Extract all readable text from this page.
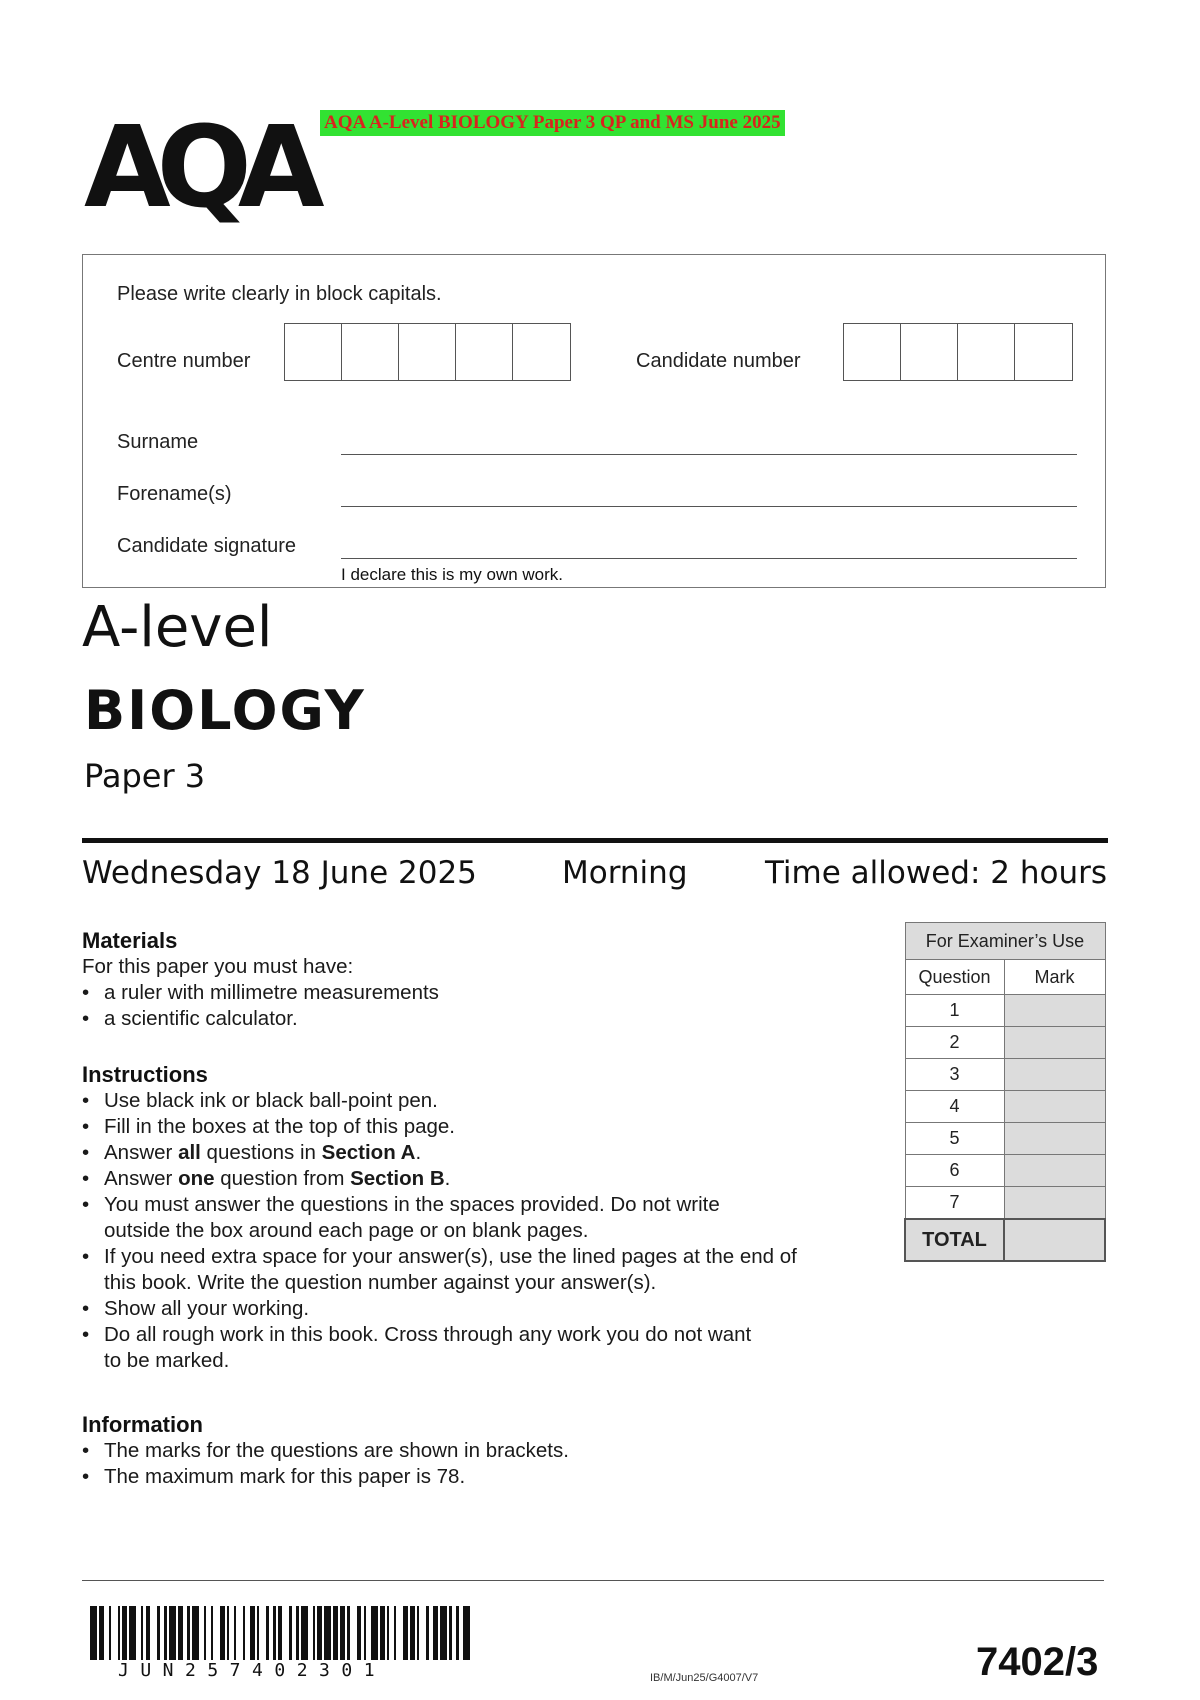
AQA A-Level BIOLOGY Paper 3 QP and MS June 2025
AQA
Please write clearly in block capitals.
Centre number	Candidate number
Surname
Forename(s)
Candidate signature
I declare this is my own work.
A-level
BIOLOGY
Paper 3
Wednesday 18 June 2025	Morning Time allowed: 2 hours
Materials
For this paper you must have:
• a ruler with millimetre measurements
• a scientific calculator.
Instructions
• Use black ink or black ball-point pen.
• Fill in the boxes at the top of this page.
• Answer all questions in Section A.
• Answer one question from Section B.
• You must answer the questions in the spaces provided. Do not write
outside the box around each page or on blank pages.
• If you need extra space for your answer(s), use the lined pages at the end of
this book. Write the question number against your answer(s).
• Show all your working.
• Do all rough work in this book. Cross through any work you do not want
to be marked.
Information
• The marks for the questions are shown in brackets.
• The maximum mark for this paper is 78.
For Examiner’s Use	
Question	Mark
1	
2	
3	
4	
5	
6	
7	
TOTAL	
JUN257402301	IB/M/Jun25/G4007/V7	7402/3
